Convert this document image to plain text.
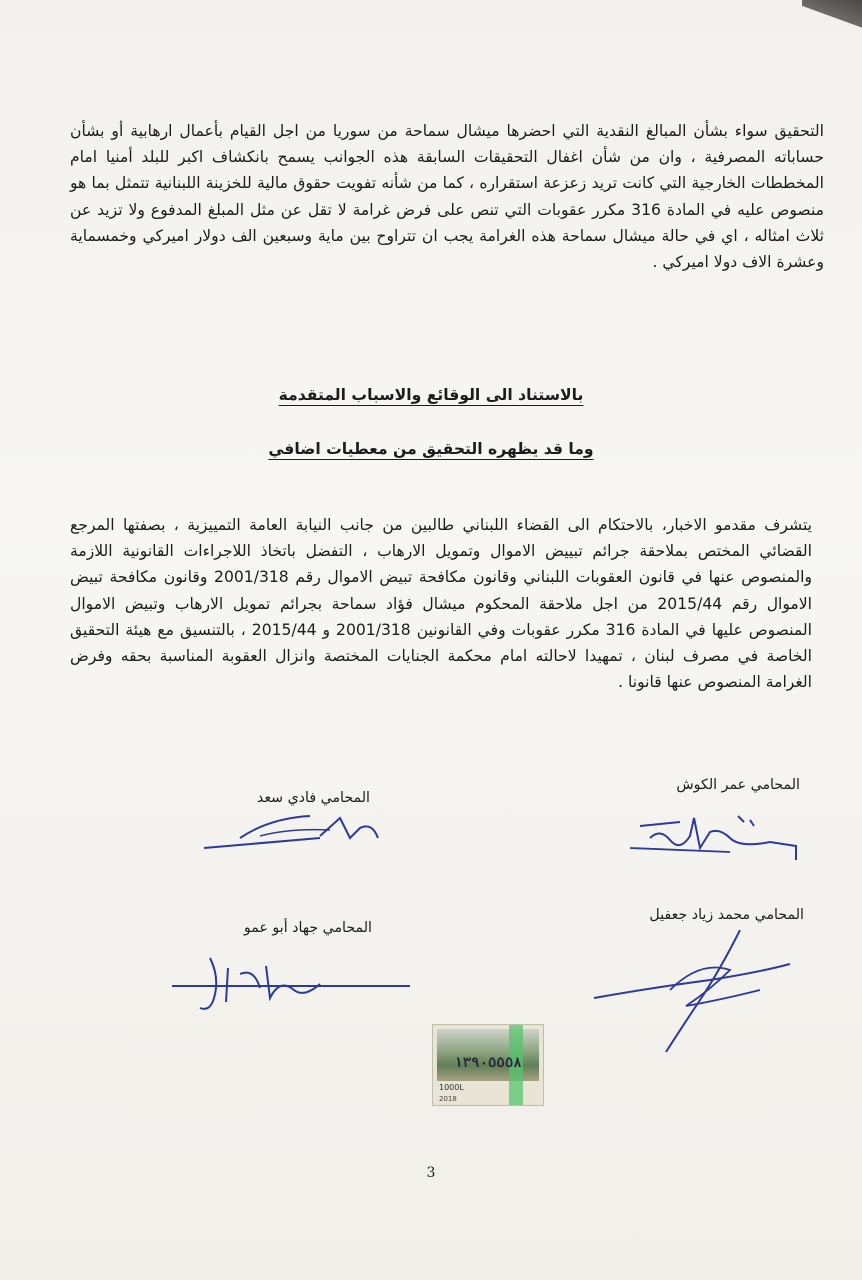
التحقيق سواء بشأن المبالغ النقدية التي احضرها ميشال سماحة من سوريا من اجل القيام بأعمال ارهابية أو بشأن حساباته المصرفية ، وان من شأن اغفال التحقيقات السابقة هذه الجوانب يسمح بانكشاف اكبر للبلد أمنيا امام المخططات الخارجية التي كانت تريد زعزعة استقراره ، كما من شأنه تفويت حقوق مالية للخزينة اللبنانية تتمثل بما هو منصوص عليه في المادة 316 مكرر عقوبات التي تنص على فرض غرامة لا تقل عن مثل المبلغ المدفوع ولا تزيد عن ثلاث امثاله ، اي في حالة ميشال سماحة هذه الغرامة يجب ان تتراوح بين ماية وسبعين الف دولار اميركي وخمسماية وعشرة الاف دولا اميركي .

بالاستناد الى الوقائع والاسباب المتقدمة
وما قد يظهره التحقيق من معطيات اضافي

يتشرف مقدمو الاخبار، بالاحتكام الى القضاء اللبناني طالبين من جانب النيابة العامة التمييزية ، بصفتها المرجع القضائي المختص بملاحقة جرائم تبييض الاموال وتمويل الارهاب ، التفضل باتخاذ اللاجراءات القانونية اللازمة والمنصوص عنها في قانون العقوبات اللبناني وقانون مكافحة تبيض الاموال رقم 2001/318 وقانون مكافحة تبيض الاموال رقم 2015/44 من اجل ملاحقة المحكوم ميشال فؤاد سماحة بجرائم تمويل الارهاب وتبيض الاموال المنصوص عليها في المادة 316 مكرر عقوبات وفي القانونين 2001/318 و 2015/44 ، بالتنسيق مع هيئة التحقيق الخاصة في مصرف لبنان ، تمهيدا لاحالته امام محكمة الجنايات المختصة وانزال العقوبة المناسبة بحقه وفرض الغرامة المنصوص عنها قانونا .

المحامي عمر الكوش
المحامي فادي سعد
المحامي محمد زياد جعفيل
المحامي جهاد أبو عمو
١٣٩٠٥٥٥٨
1000L
2018
3
